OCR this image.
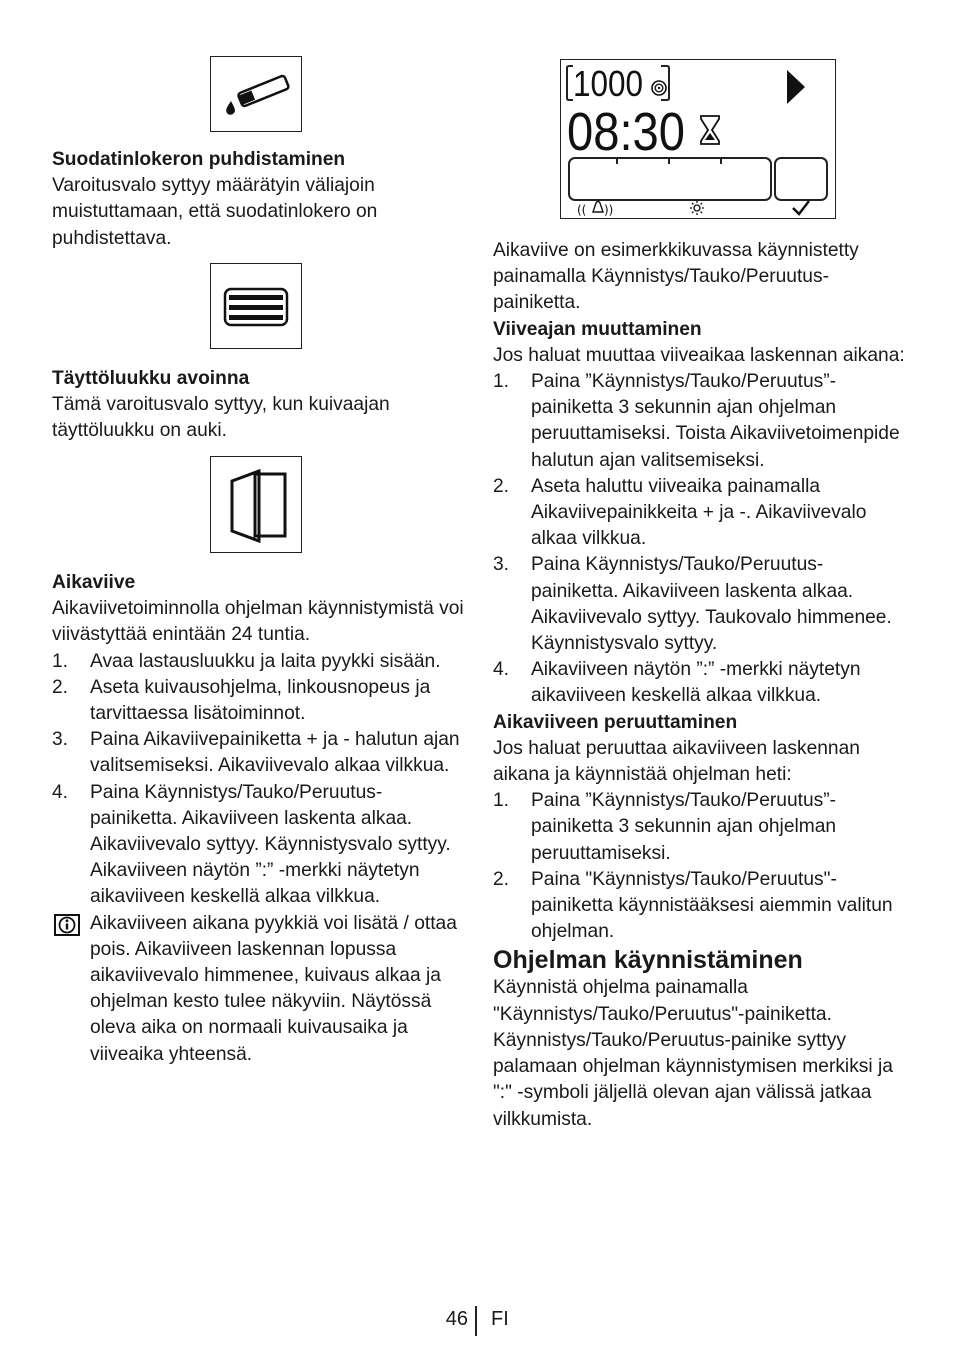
Suodatinlokeron puhdistaminen

Varoitusvalo syttyy määrätyin väliajoin muistuttamaan, että suodatinlokero on puhdistettava.

Täyttöluukku avoinna

Tämä varoitusvalo syttyy, kun kuivaajan täyttöluukku on auki.

Aikaviive

Aikaviivetoiminnolla ohjelman käynnistymistä voi viivästyttää enintään 24 tuntia.

1. Avaa lastausluukku ja laita pyykki sisään.
2. Aseta kuivausohjelma, linkousnopeus ja tarvittaessa lisätoiminnot.
3. Paina Aikaviivepainiketta + ja - halutun ajan valitsemiseksi. Aikaviivevalo alkaa vilkkua.
4. Paina Käynnistys/Tauko/Peruutus-painiketta. Aikaviiveen laskenta alkaa. Aikaviivevalo syttyy. Käynnistysvalo syttyy. Aikaviiveen näytön ”:” -merkki näytetyn aikaviiveen keskellä alkaa vilkkua.
Aikaviiveen aikana pyykkiä voi lisätä / ottaa pois. Aikaviiveen laskennan lopussa aikaviivevalo himmenee, kuivaus alkaa ja ohjelman kesto tulee näkyviin. Näytössä oleva aika on normaali kuivausaika ja viiveaika yhteensä.
1000
08:30
(( ))

Aikaviive on esimerkkikuvassa käynnistetty painamalla Käynnistys/Tauko/Peruutus-painiketta.

Viiveajan muuttaminen

Jos haluat muuttaa viiveaikaa laskennan aikana:

1. Paina ”Käynnistys/Tauko/Peruutus”-painiketta 3 sekunnin ajan ohjelman peruuttamiseksi. Toista Aikaviivetoimenpide halutun ajan valitsemiseksi.
2. Aseta haluttu viiveaika painamalla Aikaviivepainikkeita + ja -. Aikaviivevalo alkaa vilkkua.
3. Paina Käynnistys/Tauko/Peruutus-painiketta. Aikaviiveen laskenta alkaa. Aikaviivevalo syttyy. Taukovalo himmenee. Käynnistysvalo syttyy.
4. Aikaviiveen näytön ”:” -merkki näytetyn aikaviiveen keskellä alkaa vilkkua.
Aikaviiveen peruuttaminen

Jos haluat peruuttaa aikaviiveen laskennan aikana ja käynnistää ohjelman heti:

1. Paina ”Käynnistys/Tauko/Peruutus”-painiketta 3 sekunnin ajan ohjelman peruuttamiseksi.
2. Paina "Käynnistys/Tauko/Peruutus"-painiketta käynnistääksesi aiemmin valitun ohjelman.
Ohjelman käynnistäminen

Käynnistä ohjelma painamalla "Käynnistys/Tauko/Peruutus"-painiketta.

Käynnistys/Tauko/Peruutus-painike syttyy palamaan ohjelman käynnistymisen merkiksi ja ":" -symboli jäljellä olevan ajan välissä jatkaa vilkkumista.

46 FI
